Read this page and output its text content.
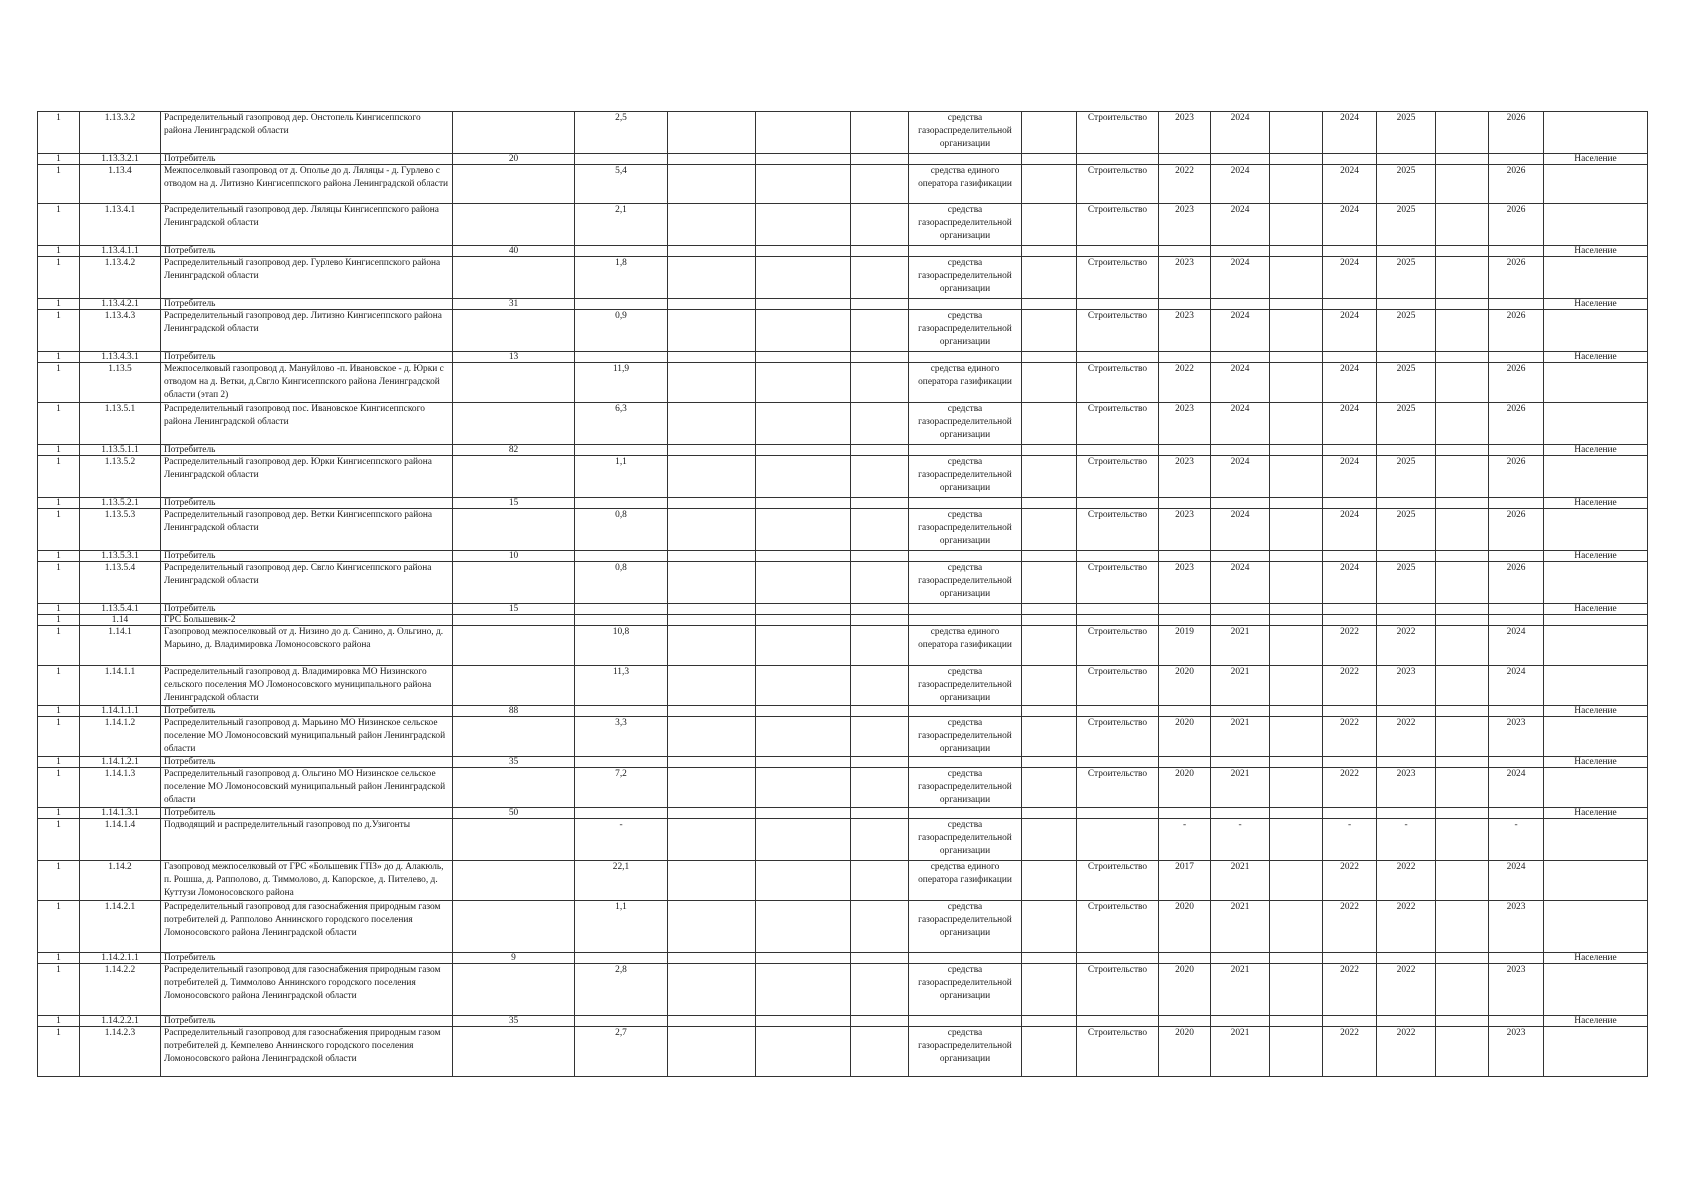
1	1.13.3.2	Распределительный газопровод дер. Онстопель Кингисеппского района Ленинградской области		2,5				средства
газораспределительной
организации		Строительство	2023	2024		2024	2025		2026	
1	1.13.3.2.1	Потребитель	20															Население
1	1.13.4	Межпоселковый газопровод от д. Ополье до д. Ляляцы - д. Гурлево с отводом на д. Литизно Кингисеппского района Ленинградской области		5,4				средства единого
оператора газификации		Строительство	2022	2024		2024	2025		2026	
1	1.13.4.1	Распределительный газопровод дер. Ляляцы Кингисеппского района Ленинградской области		2,1				средства
газораспределительной
организации		Строительство	2023	2024		2024	2025		2026	
1	1.13.4.1.1	Потребитель	40															Население
1	1.13.4.2	Распределительный газопровод дер. Гурлево Кингисеппского района Ленинградской области		1,8				средства
газораспределительной
организации		Строительство	2023	2024		2024	2025		2026	
1	1.13.4.2.1	Потребитель	31															Население
1	1.13.4.3	Распределительный газопровод дер. Литизно Кингисеппского района Ленинградской области		0,9				средства
газораспределительной
организации		Строительство	2023	2024		2024	2025		2026	
1	1.13.4.3.1	Потребитель	13															Население
1	1.13.5	Межпоселковый газопровод д. Мануйлово -п. Ивановское - д. Юрки с отводом на д. Ветки, д.Свгло Кингисеппского района Ленинградской области (этап 2)		11,9				средства единого
оператора газификации		Строительство	2022	2024		2024	2025		2026	
1	1.13.5.1	Распределительный газопровод пос. Ивановское Кингисеппского района Ленинградской области		6,3				средства
газораспределительной
организации		Строительство	2023	2024		2024	2025		2026	
1	1.13.5.1.1	Потребитель	82															Население
1	1.13.5.2	Распределительный газопровод дер. Юрки Кингисеппского района Ленинградской области		1,1				средства
газораспределительной
организации		Строительство	2023	2024		2024	2025		2026	
1	1.13.5.2.1	Потребитель	15															Население
1	1.13.5.3	Распределительный газопровод дер. Ветки Кингисеппского района Ленинградской области		0,8				средства
газораспределительной
организации		Строительство	2023	2024		2024	2025		2026	
1	1.13.5.3.1	Потребитель	10															Население
1	1.13.5.4	Распределительный газопровод дер. Свгло Кингисеппского района Ленинградской области		0,8				средства
газораспределительной
организации		Строительство	2023	2024		2024	2025		2026	
1	1.13.5.4.1	Потребитель	15															Население
1	1.14	ГРС Большевик-2																
1	1.14.1	Газопровод межпоселковый от д. Низино до д. Санино, д. Ольгино, д. Марьино, д. Владимировка Ломоносовского района		10,8				средства единого
оператора газификации		Строительство	2019	2021		2022	2022		2024	
1	1.14.1.1	Распределительный газопровод д. Владимировка МО Низинского сельского поселения МО Ломоносовского муниципального района Ленинградской области		11,3				средства
газораспределительной
организации		Строительство	2020	2021		2022	2023		2024	
1	1.14.1.1.1	Потребитель	88															Население
1	1.14.1.2	Распределительный газопровод д. Марьино МО Низинское сельское поселение МО Ломоносовский муниципальный район Ленинградской области		3,3				средства
газораспределительной
организации		Строительство	2020	2021		2022	2022		2023	
1	1.14.1.2.1	Потребитель	35															Население
1	1.14.1.3	Распределительный газопровод д. Ольгино МО Низинское сельское поселение МО Ломоносовский муниципальный район Ленинградской области		7,2				средства
газораспределительной
организации		Строительство	2020	2021		2022	2023		2024	
1	1.14.1.3.1	Потребитель	50															Население
1	1.14.1.4	Подводящий и распределительный газопровод по д.Узигонты		-				средства
газораспределительной
организации			-	-		-	-		-	
1	1.14.2	Газопровод межпоселковый от ГРС «Большевик ГПЗ» до д. Алакюль, п. Рошша, д. Рапполово, д. Тиммолово, д. Капорское, д. Пителево, д. Куттузи Ломоносовского района		22,1				средства единого
оператора газификации		Строительство	2017	2021		2022	2022		2024	
1	1.14.2.1	Распределительный газопровод для газоснабжения природным газом потребителей д. Рапполово Аннинского городского поселения Ломоносовского района Ленинградской области		1,1				средства
газораспределительной
организации		Строительство	2020	2021		2022	2022		2023	
1	1.14.2.1.1	Потребитель	9															Население
1	1.14.2.2	Распределительный газопровод для газоснабжения природным газом потребителей д. Тиммолово Аннинского городского поселения Ломоносовского района Ленинградской области		2,8				средства
газораспределительной
организации		Строительство	2020	2021		2022	2022		2023	
1	1.14.2.2.1	Потребитель	35															Население
1	1.14.2.3	Распределительный газопровод для газоснабжения природным газом потребителей д. Кемпелево Аннинского городского поселения Ломоносовского района Ленинградской области		2,7				средства
газораспределительной
организации		Строительство	2020	2021		2022	2022		2023	
